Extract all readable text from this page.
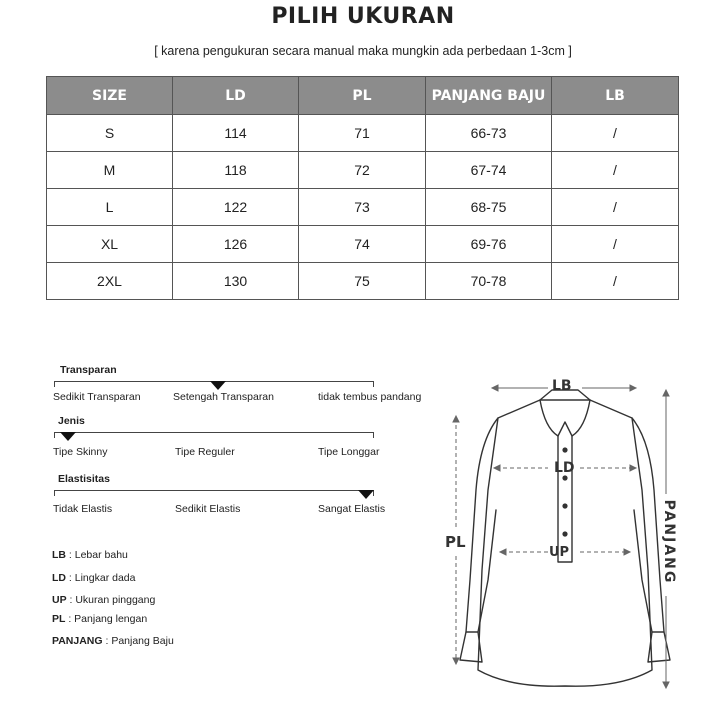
PILIH UKURAN
[ karena pengukuran secara manual maka mungkin ada perbedaan 1-3cm ]
SIZE	LD	PL	PANJANG BAJU	LB
S	114	71	66-73	/
M	118	72	67-74	/
L	122	73	68-75	/
XL	126	74	69-76	/
2XL	130	75	70-78	/
Transparan
Sedikit Transparan	Setengah Transparan	tidak tembus pandang
Jenis
Tipe Skinny	Tipe Reguler	Tipe Longgar
Elastisitas
Tidak Elastis	Sedikit Elastis	Sangat Elastis
LB : Lebar bahu
LD : Lingkar dada
UP : Ukuran pinggang
PL : Panjang lengan
PANJANG : Panjang Baju
LB
LD
UP
PL	PANJANG
